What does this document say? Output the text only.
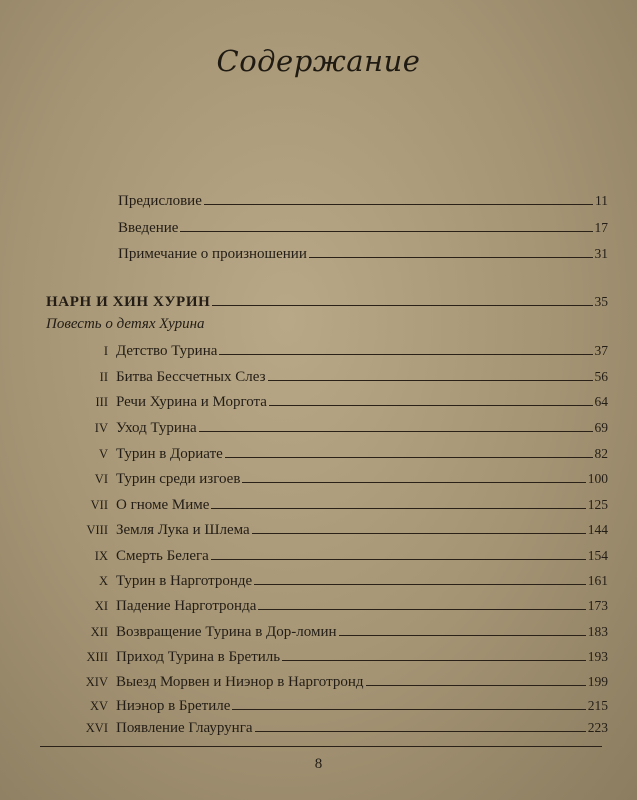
Содержание
Предисловие	11
Введение	17
Примечание о произношении	31
НАРН И ХИН ХУРИН	35
Повесть о детях Хурина
I Детство Турина	37
II Битва Бессчетных Слез	56
III Речи Хурина и Моргота	64
IV Уход Турина	69
V Турин в Дориате	82
VI Турин среди изгоев	100
VII О гноме Миме	125
VIII Земля Лука и Шлема	144
IX Смерть Белега	154
X Турин в Нарготронде	161
XI Падение Нарготронда	173
XII Возвращение Турина в Дор-ломин	183
XIII Приход Турина в Бретиль	193
XIV Выезд Морвен и Ниэнор в Нарготронд	199
XV Ниэнор в Бретиле	215
XVI Появление Глаурунга	223
8
